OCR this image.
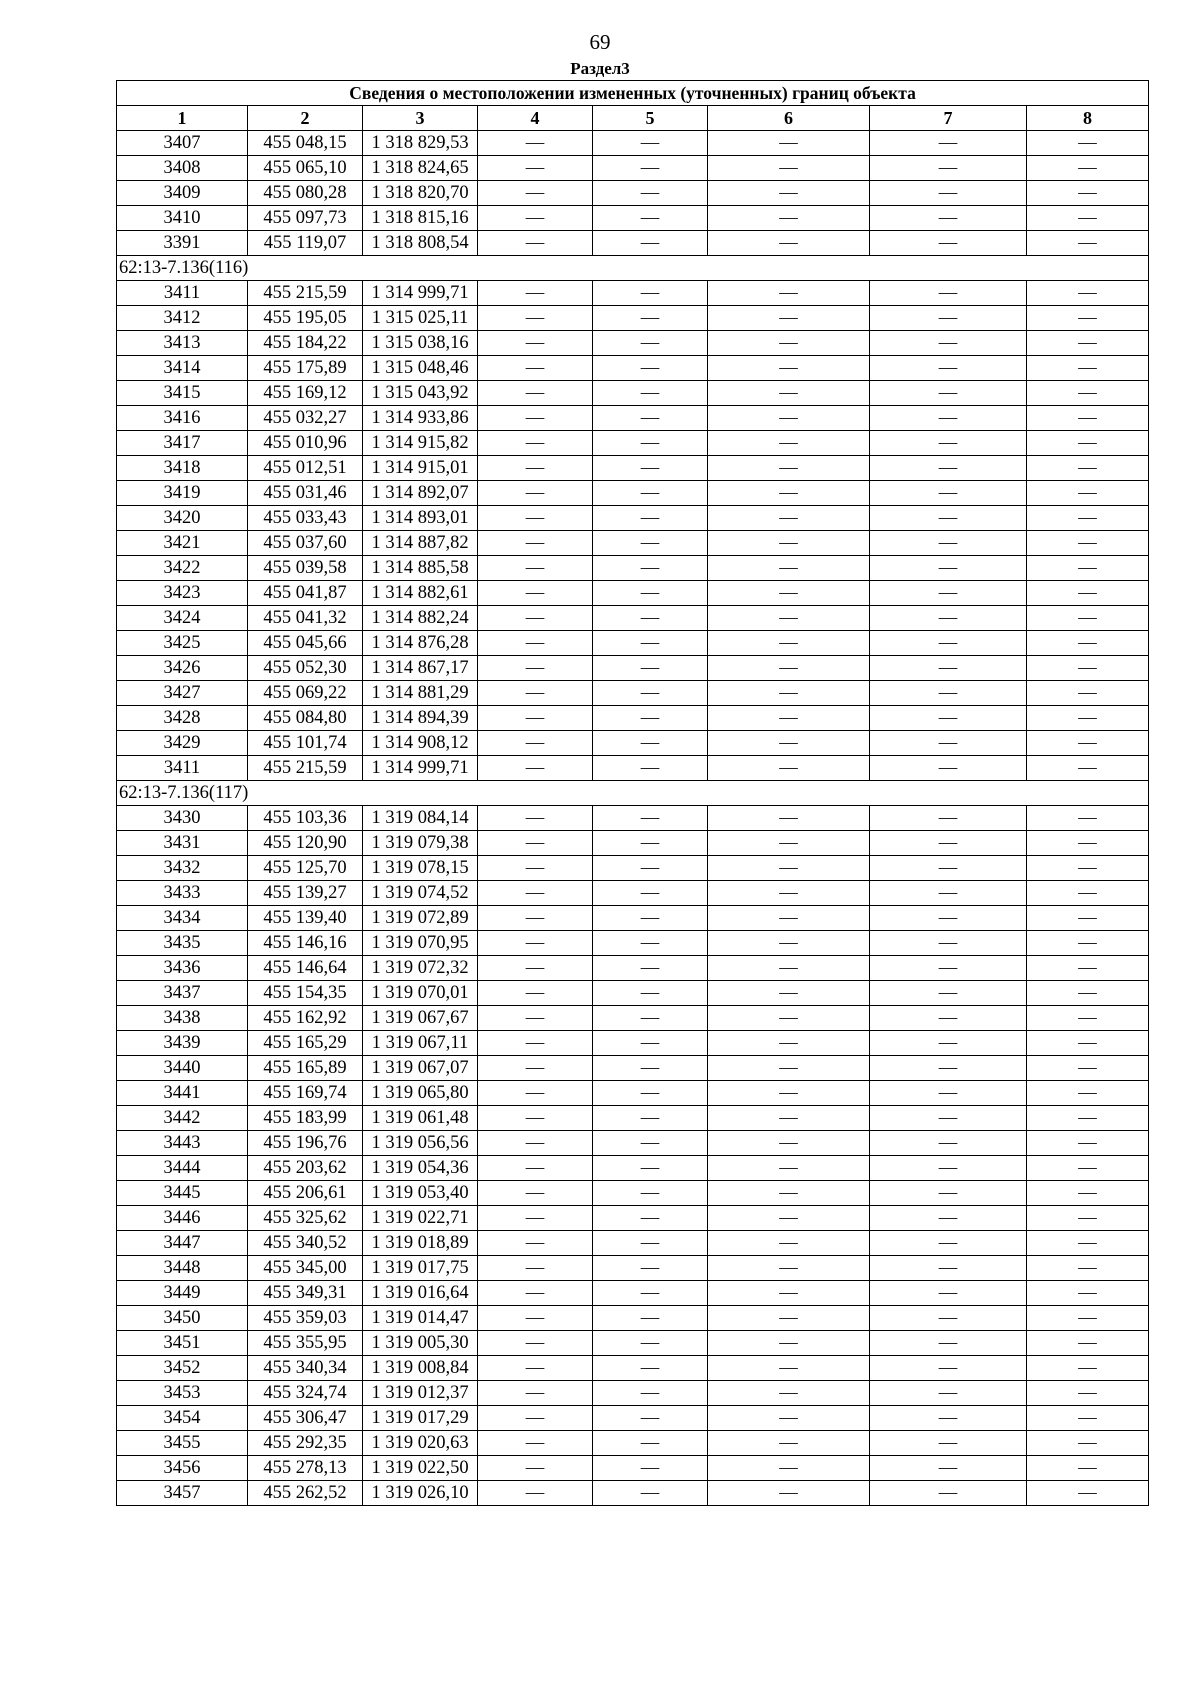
69
Раздел3
Сведения о местоположении измененных (уточненных) границ объекта							
1	2	3	4	5	6	7	8
3407	455 048,15	1 318 829,53	—	—	—	—	—
3408	455 065,10	1 318 824,65	—	—	—	—	—
3409	455 080,28	1 318 820,70	—	—	—	—	—
3410	455 097,73	1 318 815,16	—	—	—	—	—
3391	455 119,07	1 318 808,54	—	—	—	—	—
62:13-7.136(116)							
3411	455 215,59	1 314 999,71	—	—	—	—	—
3412	455 195,05	1 315 025,11	—	—	—	—	—
3413	455 184,22	1 315 038,16	—	—	—	—	—
3414	455 175,89	1 315 048,46	—	—	—	—	—
3415	455 169,12	1 315 043,92	—	—	—	—	—
3416	455 032,27	1 314 933,86	—	—	—	—	—
3417	455 010,96	1 314 915,82	—	—	—	—	—
3418	455 012,51	1 314 915,01	—	—	—	—	—
3419	455 031,46	1 314 892,07	—	—	—	—	—
3420	455 033,43	1 314 893,01	—	—	—	—	—
3421	455 037,60	1 314 887,82	—	—	—	—	—
3422	455 039,58	1 314 885,58	—	—	—	—	—
3423	455 041,87	1 314 882,61	—	—	—	—	—
3424	455 041,32	1 314 882,24	—	—	—	—	—
3425	455 045,66	1 314 876,28	—	—	—	—	—
3426	455 052,30	1 314 867,17	—	—	—	—	—
3427	455 069,22	1 314 881,29	—	—	—	—	—
3428	455 084,80	1 314 894,39	—	—	—	—	—
3429	455 101,74	1 314 908,12	—	—	—	—	—
3411	455 215,59	1 314 999,71	—	—	—	—	—
62:13-7.136(117)							
3430	455 103,36	1 319 084,14	—	—	—	—	—
3431	455 120,90	1 319 079,38	—	—	—	—	—
3432	455 125,70	1 319 078,15	—	—	—	—	—
3433	455 139,27	1 319 074,52	—	—	—	—	—
3434	455 139,40	1 319 072,89	—	—	—	—	—
3435	455 146,16	1 319 070,95	—	—	—	—	—
3436	455 146,64	1 319 072,32	—	—	—	—	—
3437	455 154,35	1 319 070,01	—	—	—	—	—
3438	455 162,92	1 319 067,67	—	—	—	—	—
3439	455 165,29	1 319 067,11	—	—	—	—	—
3440	455 165,89	1 319 067,07	—	—	—	—	—
3441	455 169,74	1 319 065,80	—	—	—	—	—
3442	455 183,99	1 319 061,48	—	—	—	—	—
3443	455 196,76	1 319 056,56	—	—	—	—	—
3444	455 203,62	1 319 054,36	—	—	—	—	—
3445	455 206,61	1 319 053,40	—	—	—	—	—
3446	455 325,62	1 319 022,71	—	—	—	—	—
3447	455 340,52	1 319 018,89	—	—	—	—	—
3448	455 345,00	1 319 017,75	—	—	—	—	—
3449	455 349,31	1 319 016,64	—	—	—	—	—
3450	455 359,03	1 319 014,47	—	—	—	—	—
3451	455 355,95	1 319 005,30	—	—	—	—	—
3452	455 340,34	1 319 008,84	—	—	—	—	—
3453	455 324,74	1 319 012,37	—	—	—	—	—
3454	455 306,47	1 319 017,29	—	—	—	—	—
3455	455 292,35	1 319 020,63	—	—	—	—	—
3456	455 278,13	1 319 022,50	—	—	—	—	—
3457	455 262,52	1 319 026,10	—	—	—	—	—
